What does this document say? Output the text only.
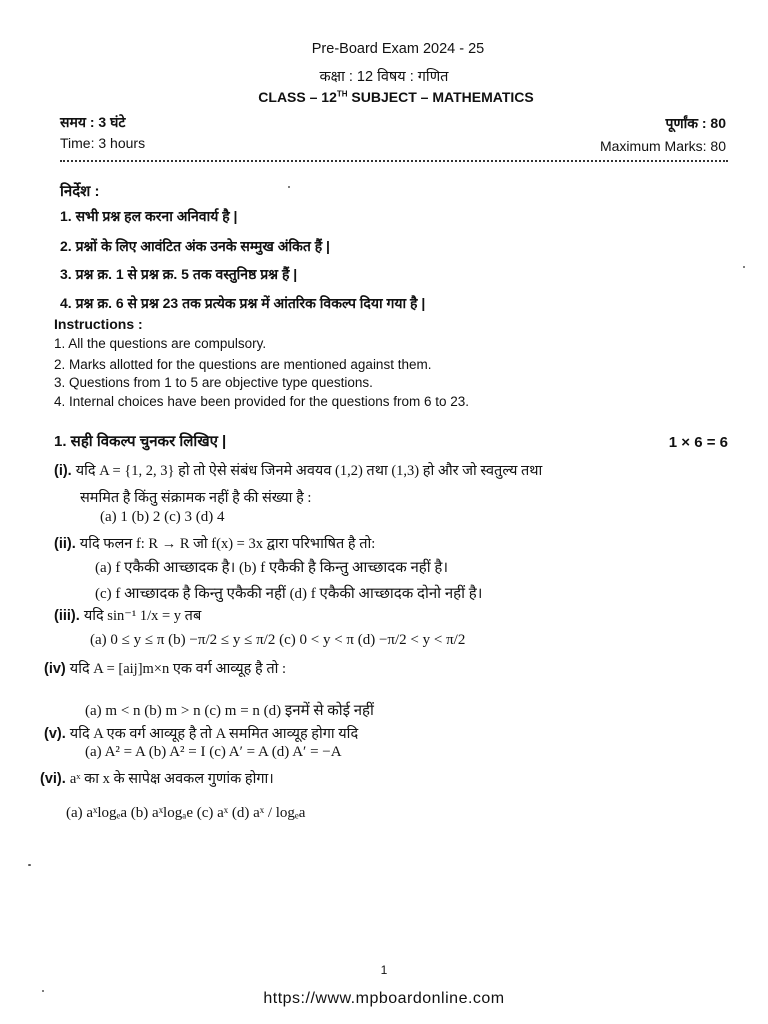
Pre-Board Exam 2024 - 25
कक्षा : 12 विषय : गणित
CLASS – 12TH SUBJECT – MATHEMATICS
समय : 3 घंटे
Time: 3 hours
पूर्णांक : 80
Maximum Marks: 80
निर्देश :
1. सभी प्रश्न हल करना अनिवार्य है |
2. प्रश्नों के लिए आवंटित अंक उनके सम्मुख अंकित हैं |
3. प्रश्न क्र. 1 से प्रश्न क्र. 5 तक वस्तुनिष्ठ प्रश्न हैं |
4. प्रश्न क्र. 6 से प्रश्न 23 तक प्रत्येक प्रश्न में आंतरिक विकल्प दिया गया है |
Instructions :
1. All the questions are compulsory.
2. Marks allotted for the questions are mentioned against them.
3. Questions from 1 to 5 are objective type questions.
4. Internal choices have been provided for the questions from 6 to 23.
1. सही विकल्प चुनकर लिखिए |	1 × 6 = 6
(i). यदि A = {1, 2, 3} हो तो ऐसे संबंध जिनमे अवयव (1,2) तथा (1,3) हो और जो स्वतुल्य तथा
सममित है किंतु संक्रामक नहीं है की संख्या है :
(a) 1 (b) 2 (c) 3 (d) 4
(ii). यदि फलन f: R → R जो f(x) = 3x द्वारा परिभाषित है तो:
(a) f एकैकी आच्छादक है। (b) f एकैकी है किन्तु आच्छादक नहीं है।
(c) f आच्छादक है किन्तु एकैकी नहीं (d) f एकैकी आच्छादक दोनो नहीं है।
(iii). यदि sin⁻¹ 1/x = y तब
(a) 0 ≤ y ≤ π (b) −π/2 ≤ y ≤ π/2 (c) 0 < y < π (d) −π/2 < y < π/2
(iv) यदि A = [aij]m×n एक वर्ग आव्यूह है तो :
(a) m < n (b) m > n (c) m = n (d) इनमें से कोई नहीं
(v). यदि A एक वर्ग आव्यूह है तो A सममित आव्यूह होगा यदि
(a) A² = A (b) A² = I (c) A′ = A (d) A′ = −A
(vi). aˣ का x के सापेक्ष अवकल गुणांक होगा।
(a) aˣlogₑa (b) aˣlogₐe (c) aˣ (d) aˣ / logₑa
1
https://www.mpboardonline.com
